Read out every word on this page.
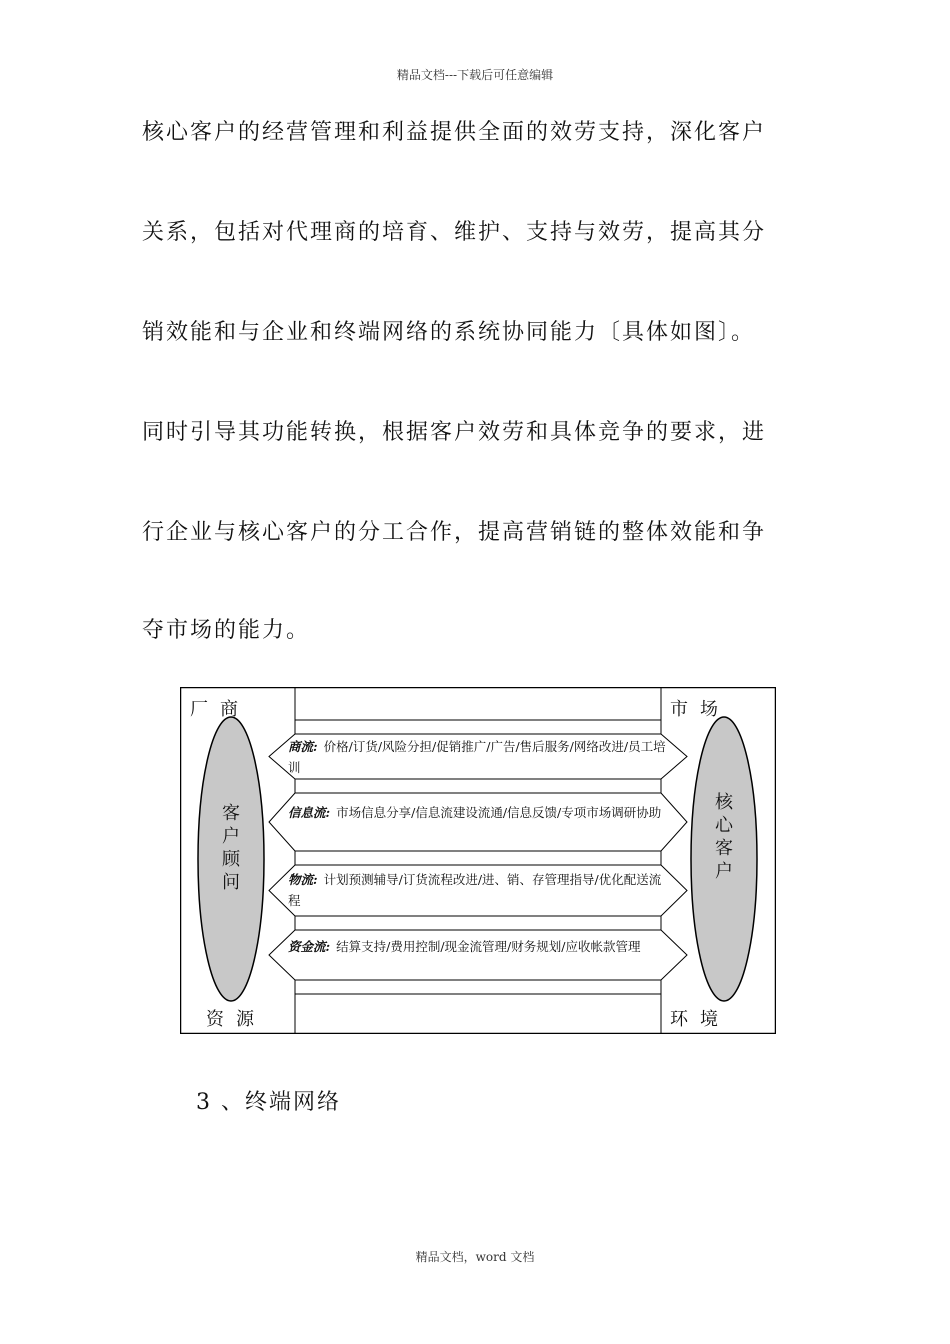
精品文档---下载后可任意编辑
核心客户的经营管理和利益提供全面的效劳支持，深化客户
关系，包括对代理商的培育、维护、支持与效劳，提高其分
销效能和与企业和终端网络的系统协同能力〔具体如图〕。
同时引导其功能转换，根据客户效劳和具体竞争的要求，进
行企业与核心客户的分工合作，提高营销链的整体效能和争
夺市场的能力。
厂商	市场
资源	环境
客户顾问
核心客户
商流: 价格/订货/风险分担/促销推广/广告/售后服务/网络改进/员工培训
信息流: 市场信息分享/信息流建设流通/信息反馈/专项市场调研协助
物流: 计划预测辅导/订货流程改进/进、销、存管理指导/优化配送流程
资金流: 结算支持/费用控制/现金流管理/财务规划/应收帐款管理
3 、终端网络
精品文档，word 文档
